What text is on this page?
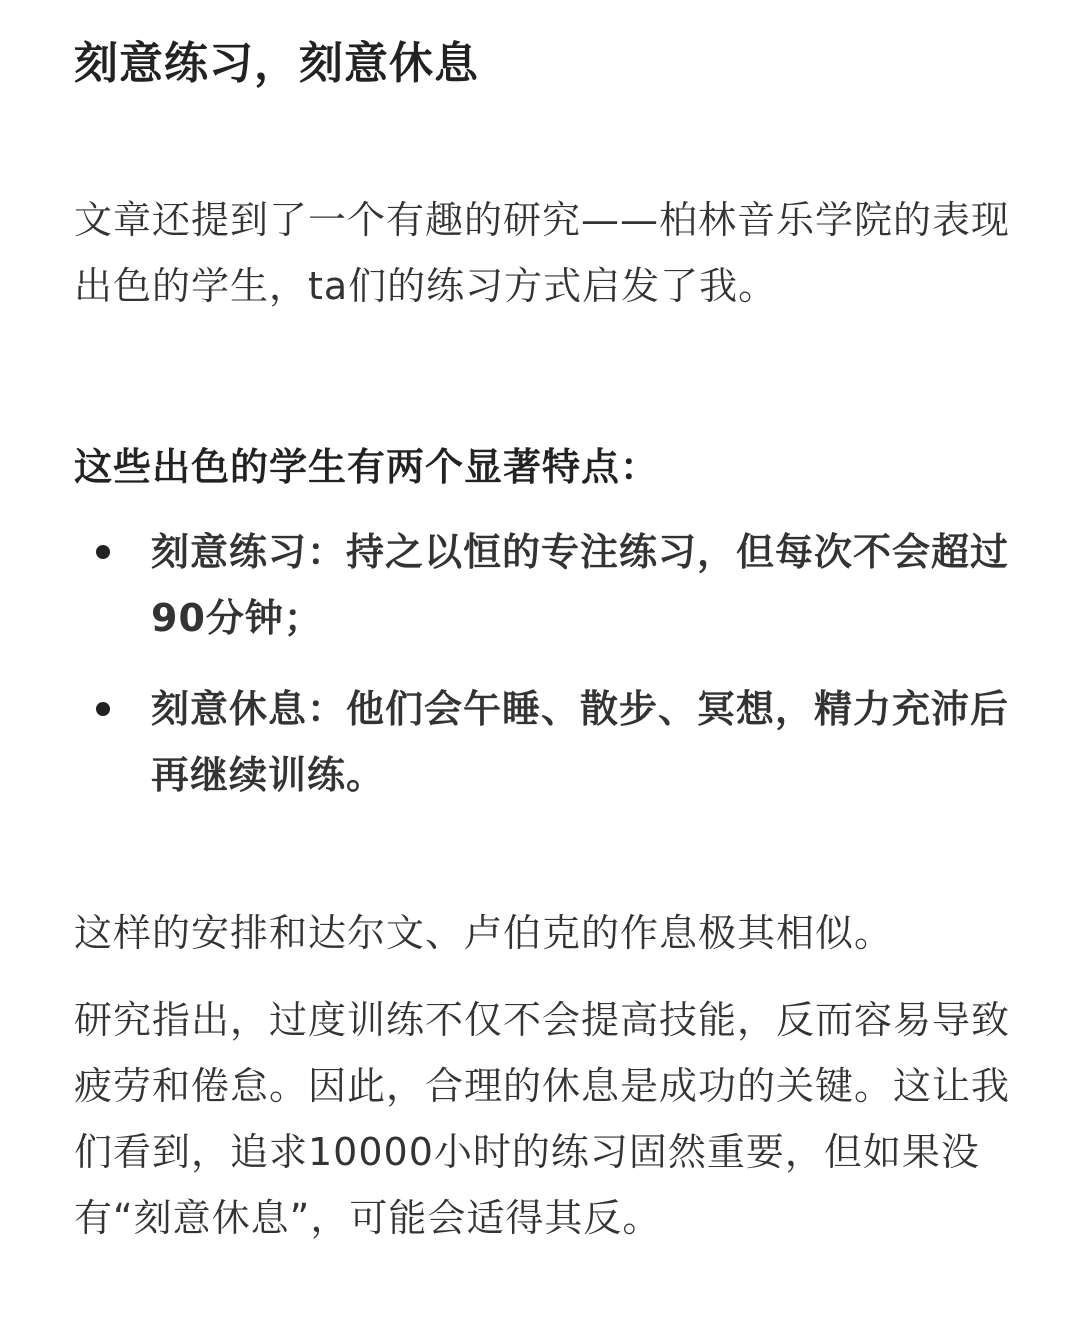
刻意练习，刻意休息

文章还提到了一个有趣的研究——柏林音乐学院的表现出色的学生，ta们的练习方式启发了我。

这些出色的学生有两个显著特点：

刻意练习：持之以恒的专注练习，但每次不会超过90分钟；
刻意休息：他们会午睡、散步、冥想，精力充沛后再继续训练。

这样的安排和达尔文、卢伯克的作息极其相似。

研究指出，过度训练不仅不会提高技能，反而容易导致疲劳和倦怠。因此，合理的休息是成功的关键。这让我们看到，追求10000小时的练习固然重要，但如果没有“刻意休息”，可能会适得其反。
